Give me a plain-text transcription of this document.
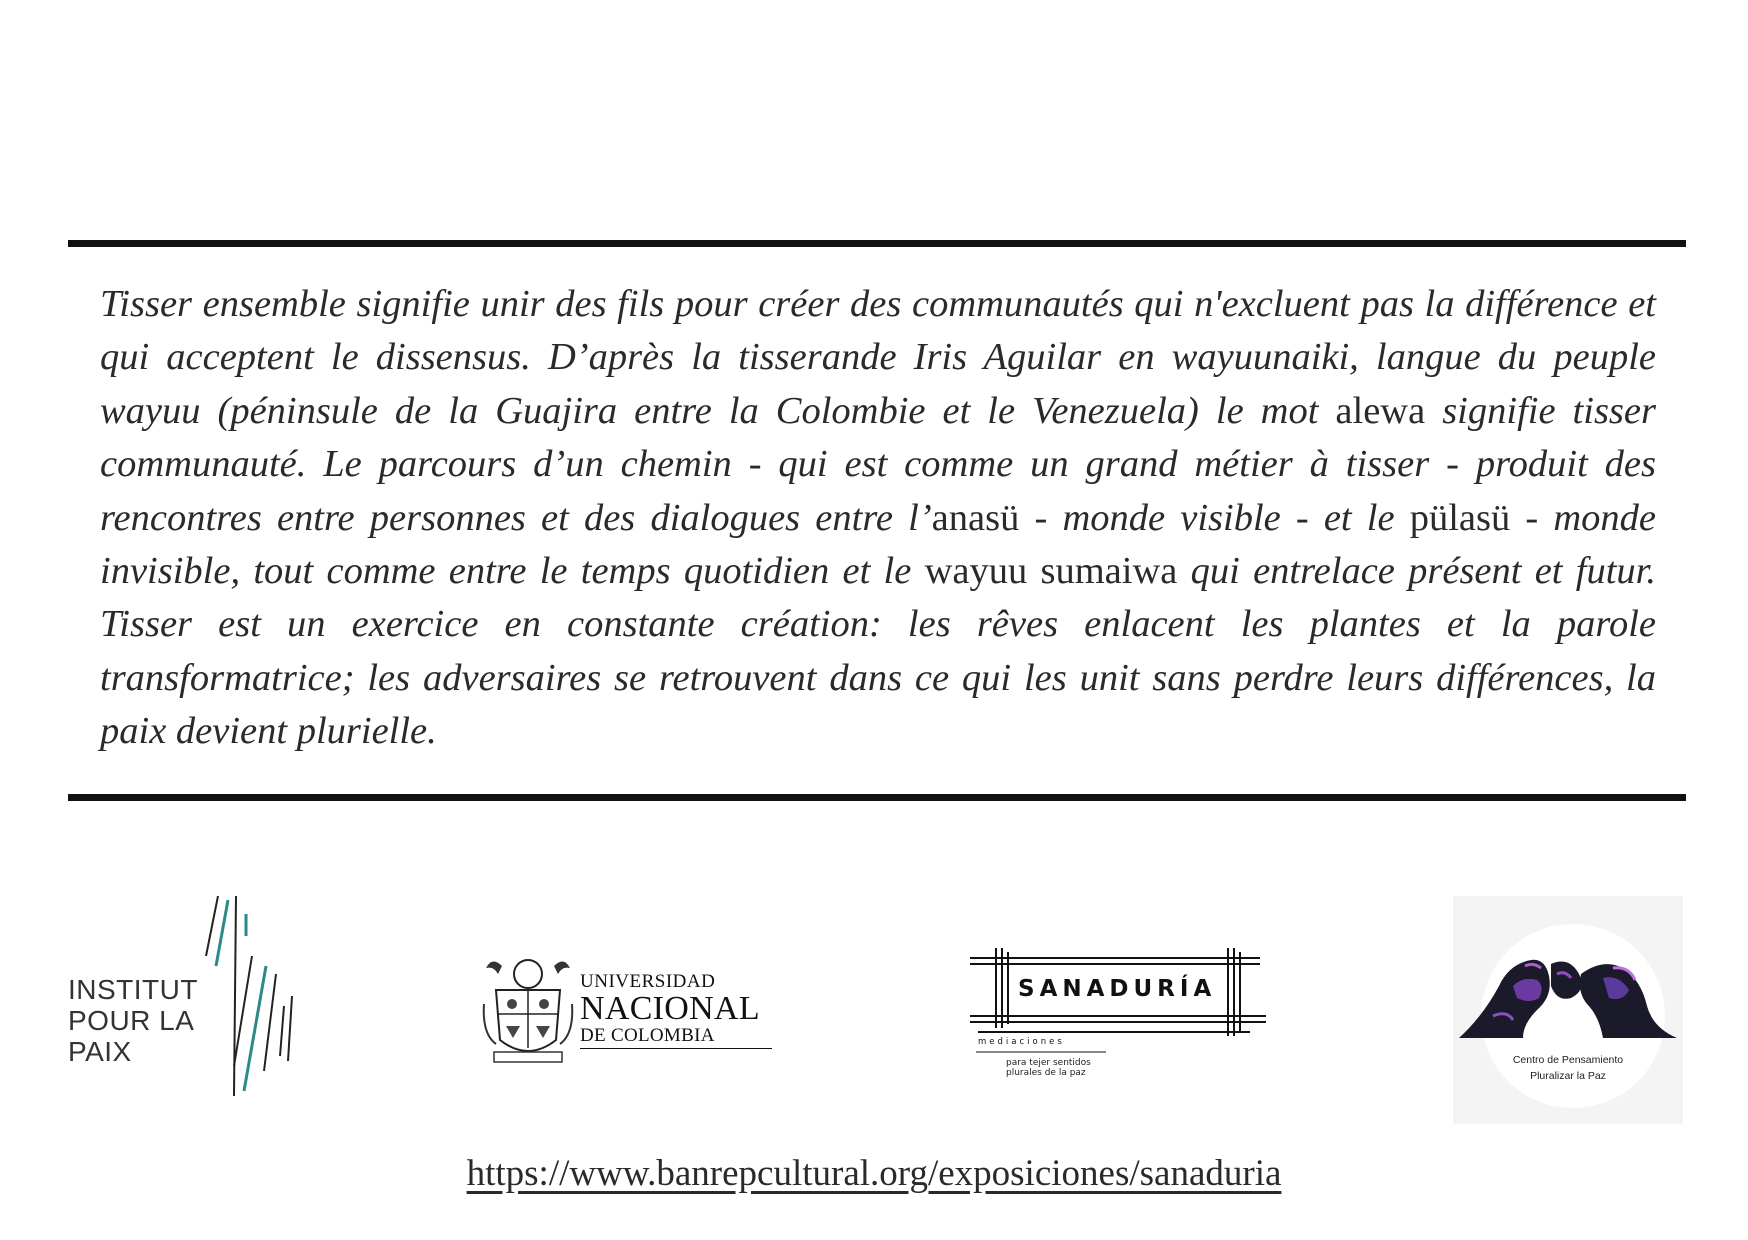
Tisser ensemble signifie unir des fils pour créer des communautés qui n'excluent pas la différence et qui acceptent le dissensus. D’après la tisserande Iris Aguilar en wayuunaiki, langue du peuple wayuu (péninsule de la Guajira entre la Colombie et le Venezuela) le mot alewa signifie tisser communauté. Le parcours d’un chemin - qui est comme un grand métier à tisser - produit des rencontres entre personnes et des dialogues entre l’anasü - monde visible - et le pülasü - monde invisible, tout comme entre le temps quotidien et le wayuu sumaiwa qui entrelace présent et futur. Tisser est un exercice en constante création: les rêves enlacent les plantes et la parole transformatrice; les adversaires se retrouvent dans ce qui les unit sans perdre leurs différences, la paix devient plurielle.

INSTITUT
POUR LA
PAIX
UNIVERSIDAD
NACIONAL
DE COLOMBIA
SANADURÍA
mediaciones
para tejer sentidos
plurales de la paz
Centro de Pensamiento
Pluralizar la Paz
https://www.banrepcultural.org/exposiciones/sanaduria
